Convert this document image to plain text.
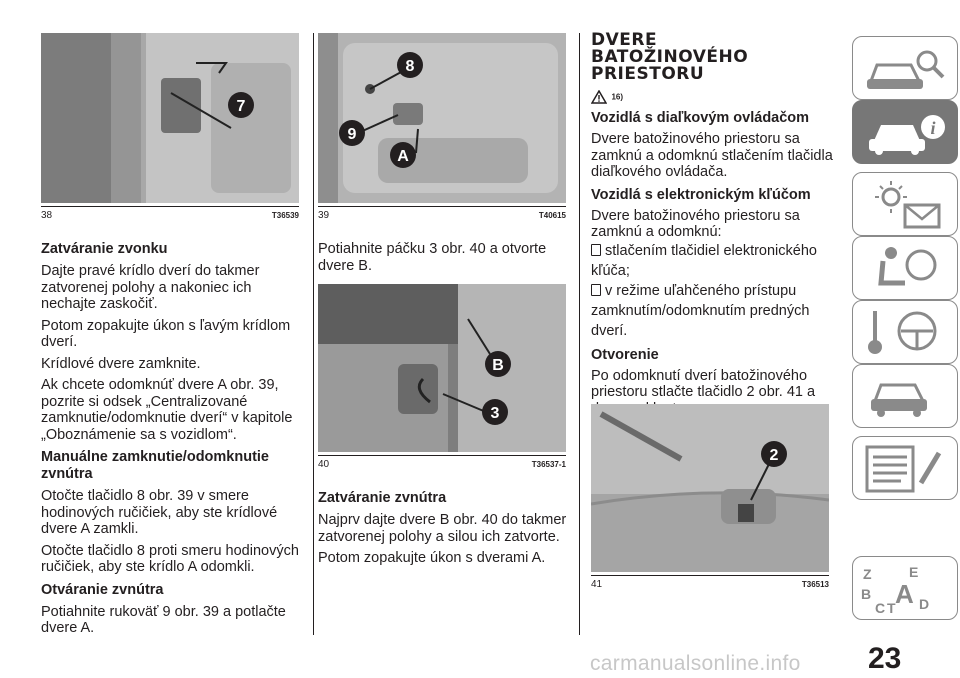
7
38	T36539
Zatváranie zvonku

Dajte pravé krídlo dverí do takmer zatvorenej polohy a nakoniec ich nechajte zaskočiť.

Potom zopakujte úkon s ľavým krídlom dverí.

Krídlové dvere zamknite.

Ak chcete odomknúť dvere A obr. 39, pozrite si odsek „Centralizované zamknutie/odomknutie dverí“ v kapitole „Oboznámenie sa s vozidlom“.

Manuálne zamknutie/odomknutie zvnútra

Otočte tlačidlo 8 obr. 39 v smere hodinových ručičiek, aby ste krídlové dvere A zamkli.

Otočte tlačidlo 8 proti smeru hodinových ručičiek, aby ste krídlo A odomkli.

Otváranie zvnútra

Potiahnite rukoväť 9 obr. 39 a potlačte dvere A.

8
9
A
39	T40615

Potiahnite páčku 3 obr. 40 a otvorte dvere B.

B
3
40	T36537-1
Zatváranie zvnútra

Najprv dajte dvere B obr. 40 do takmer zatvorenej polohy a silou ich zatvorte.

Potom zopakujte úkon s dverami A.

DVERE BATOŽINOVÉHO PRIESTORU
16)
Vozidlá s diaľkovým ovládačom

Dvere batožinového priestoru sa zamknú a odomknú stlačením tlačidla diaľkového ovládača.

Vozidlá s elektronickým kľúčom

Dvere batožinového priestoru sa zamknú a odomknú:

stlačením tlačidiel elektronického kľúča;

v režime uľahčeného prístupu zamknutím/odomknutím predných dverí.

Otvorenie

Po odomknutí dverí batožinového priestoru stlačte tlačidlo 2 obr. 41 a

2
41	T36513
i
Z	E
B A
C T D
23
carmanualsonline.info
